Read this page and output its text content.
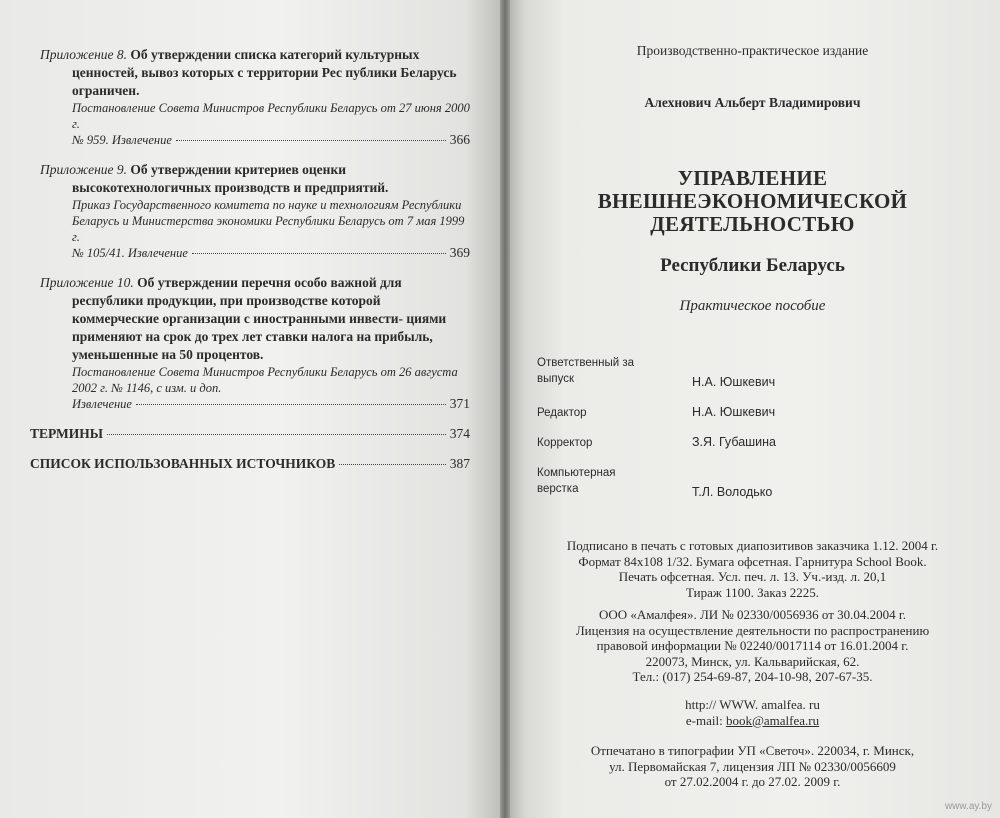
Приложение 8. Об утверждении списка категорий культурных ценностей, вывоз которых с территории Рес публики Беларусь ограничен.
Постановление Совета Министров Республики Беларусь от 27 июня 2000 г.
№ 959. Извлечение	366
Приложение 9. Об утверждении критериев оценки высокотехнологичных производств и предприятий.
Приказ Государственного комитета по науке и технологиям Республики Беларусь и Министерства экономики Республики Беларусь от 7 мая 1999 г.
№ 105/41. Извлечение	369
Приложение 10. Об утверждении перечня особо важной для республики продукции, при производстве которой коммерческие организации с иностранными инвести- циями применяют на срок до трех лет ставки налога на прибыль, уменьшенные на 50 процентов.
Постановление Совета Министров Республики Беларусь от 26 августа 2002 г. № 1146, с изм. и доп.
Извлечение	371
ТЕРМИНЫ	374
СПИСОК ИСПОЛЬЗОВАННЫХ ИСТОЧНИКОВ	387
Производственно-практическое издание
Алехнович Альберт Владимирович
УПРАВЛЕНИЕ
ВНЕШНЕЭКОНОМИЧЕСКОЙ
ДЕЯТЕЛЬНОСТЬЮ
Республики Беларусь
Практическое пособие
Ответственный за выпуск	Н.А. Юшкевич
Редактор	Н.А. Юшкевич
Корректор	З.Я. Губашина
Компьютерная верстка	Т.Л. Володько
Подписано в печать с готовых диапозитивов заказчика 1.12. 2004 г.
Формат 84х108 1/32. Бумага офсетная. Гарнитура School Book.
Печать офсетная. Усл. печ. л. 13. Уч.-изд. л. 20,1
Тираж 1100. Заказ 2225.
ООО «Амалфея». ЛИ № 02330/0056936 от 30.04.2004 г.
Лицензия на осуществление деятельности по распространению
правовой информации № 02240/0017114 от 16.01.2004 г.
220073, Минск, ул. Кальварийская, 62.
Тел.: (017) 254-69-87, 204-10-98, 207-67-35.
http:// WWW. amalfea. ru
e-mail: book@amalfea.ru
Отпечатано в типографии УП «Светоч». 220034, г. Минск,
ул. Первомайская 7, лицензия ЛП № 02330/0056609
от 27.02.2004 г. до 27.02. 2009 г.
www.ay.by
